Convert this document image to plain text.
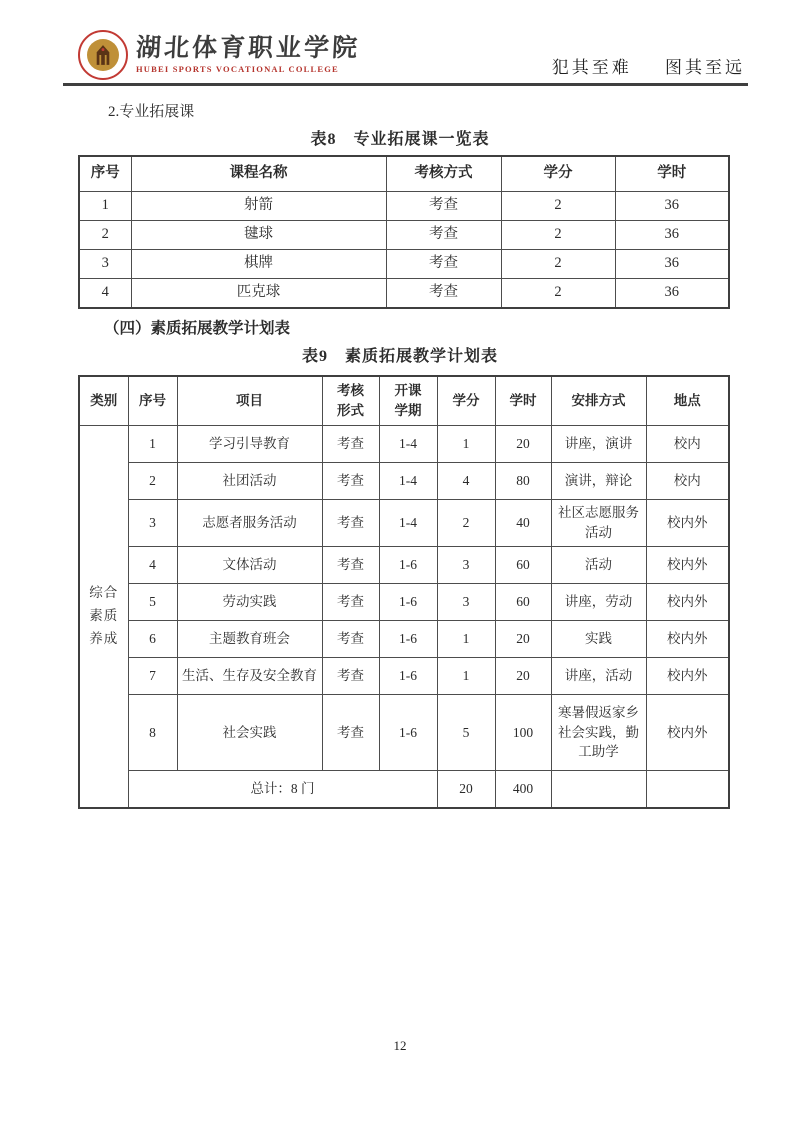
湖北体育职业学院
HUBEI SPORTS VOCATIONAL COLLEGE	犯其至难 图其至远
2.专业拓展课
表8　专业拓展课一览表
序号	课程名称	考核方式	学分	学时
1	射箭	考查	2	36
2	毽球	考查	2	36
3	棋牌	考查	2	36
4	匹克球	考查	2	36
（四）素质拓展教学计划表
表9　素质拓展教学计划表
类别	序号	项目	考核形式	开课学期	学分	学时	安排方式	地点
综合素质养成	1	学习引导教育	考查	1-4	1	20	讲座，演讲	校内
	2	社团活动	考查	1-4	4	80	演讲，辩论	校内
	3	志愿者服务活动	考查	1-4	2	40	社区志愿服务活动	校内外
	4	文体活动	考查	1-6	3	60	活动	校内外
	5	劳动实践	考查	1-6	3	60	讲座，劳动	校内外
	6	主题教育班会	考查	1-6	1	20	实践	校内外
	7	生活、生存及安全教育	考查	1-6	1	20	讲座，活动	校内外
	8	社会实践	考查	1-6	5	100	寒暑假返家乡社会实践，勤工助学	校内外
	总计：8 门				20	400		
12
